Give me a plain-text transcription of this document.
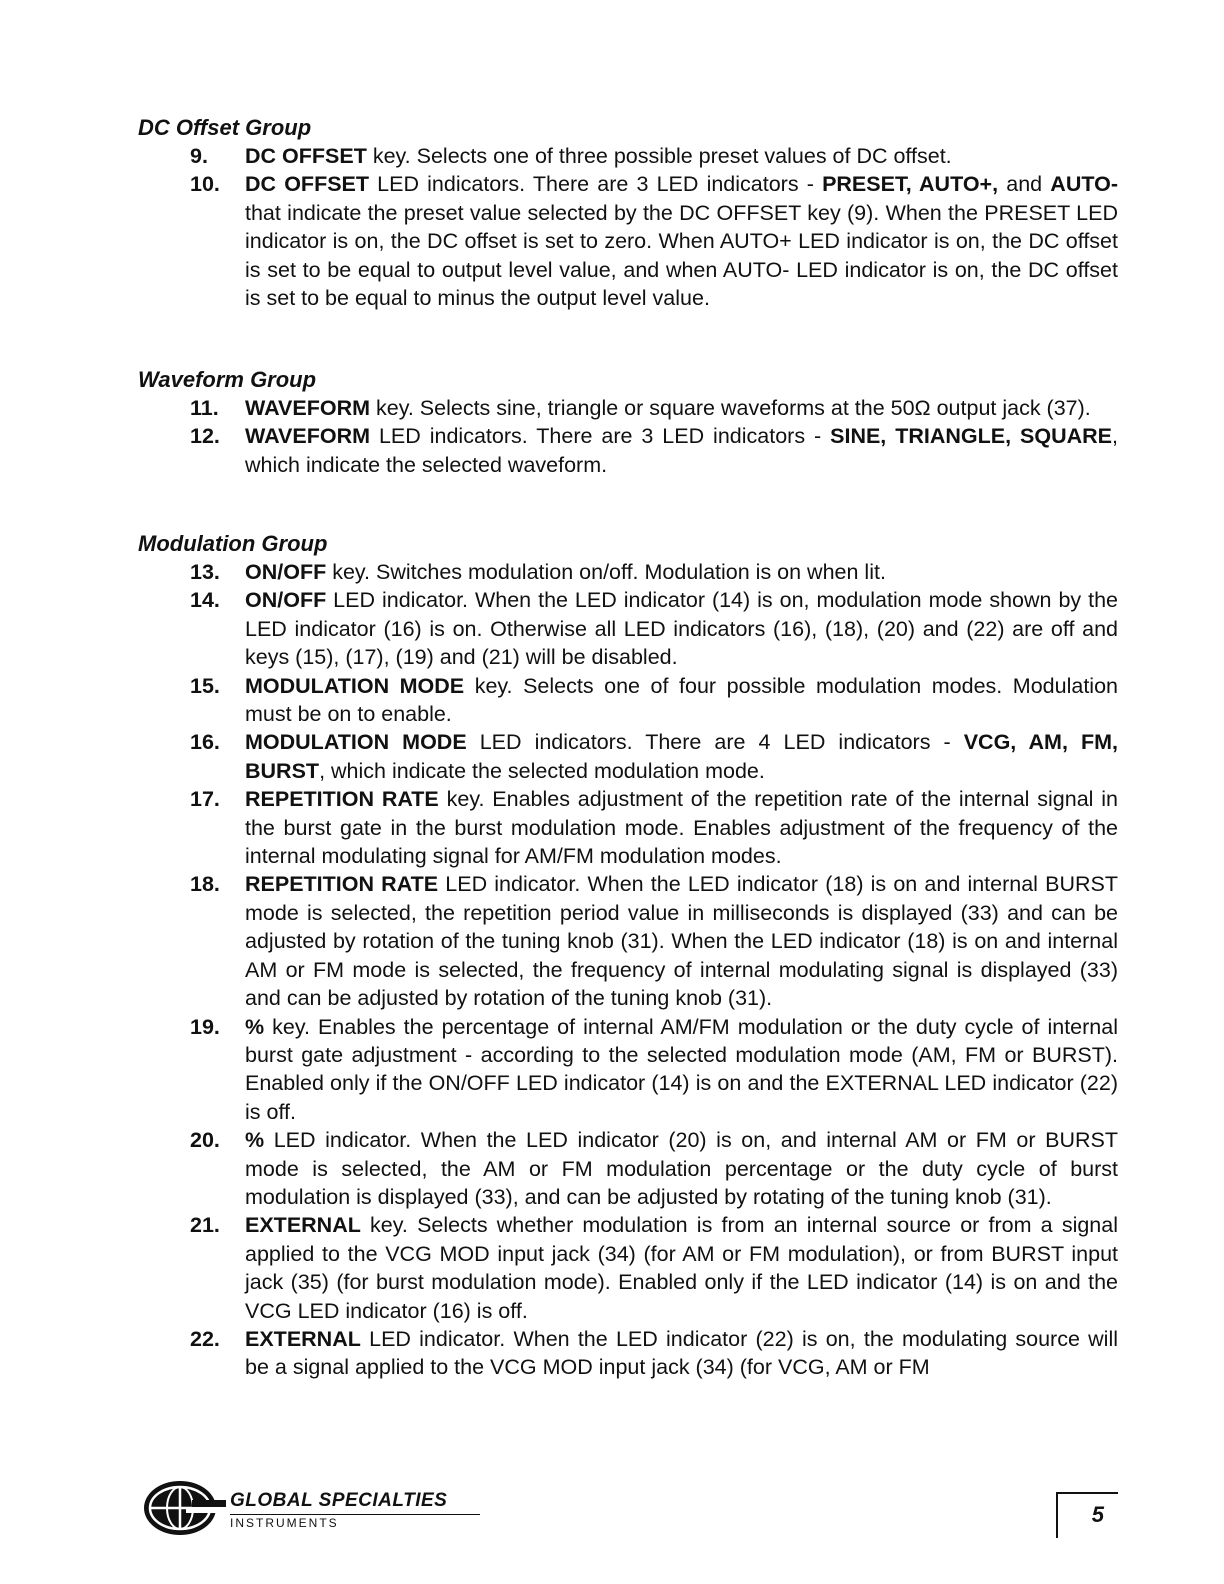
DC Offset Group
9. DC OFFSET key. Selects one of three possible preset values of DC offset.
10. DC OFFSET LED indicators. There are 3 LED indicators - PRESET, AUTO+, and AUTO- that indicate the preset value selected by the DC OFFSET key (9). When the PRESET LED indicator is on, the DC offset is set to zero. When AUTO+ LED indicator is on, the DC offset is set to be equal to output level value, and when AUTO- LED indicator is on, the DC offset is set to be equal to minus the output level value.
Waveform Group
11. WAVEFORM key. Selects sine, triangle or square waveforms at the 50Ω output jack (37).
12. WAVEFORM LED indicators. There are 3 LED indicators - SINE, TRIANGLE, SQUARE, which indicate the selected waveform.
Modulation Group
13. ON/OFF key. Switches modulation on/off. Modulation is on when lit.
14. ON/OFF LED indicator. When the LED indicator (14) is on, modulation mode shown by the LED indicator (16) is on. Otherwise all LED indicators (16), (18), (20) and (22) are off and keys (15), (17), (19) and (21) will be disabled.
15. MODULATION MODE key. Selects one of four possible modulation modes. Modulation must be on to enable.
16. MODULATION MODE LED indicators. There are 4 LED indicators - VCG, AM, FM, BURST, which indicate the selected modulation mode.
17. REPETITION RATE key. Enables adjustment of the repetition rate of the internal signal in the burst gate in the burst modulation mode. Enables adjustment of the frequency of the internal modulating signal for AM/FM modulation modes.
18. REPETITION RATE LED indicator. When the LED indicator (18) is on and internal BURST mode is selected, the repetition period value in milliseconds is displayed (33) and can be adjusted by rotation of the tuning knob (31). When the LED indicator (18) is on and internal AM or FM mode is selected, the frequency of internal modulating signal is displayed (33) and can be adjusted by rotation of the tuning knob (31).
19. % key. Enables the percentage of internal AM/FM modulation or the duty cycle of internal burst gate adjustment - according to the selected modulation mode (AM, FM or BURST). Enabled only if the ON/OFF LED indicator (14) is on and the EXTERNAL LED indicator (22) is off.
20. % LED indicator. When the LED indicator (20) is on, and internal AM or FM or BURST mode is selected, the AM or FM modulation percentage or the duty cycle of burst modulation is displayed (33), and can be adjusted by rotating of the tuning knob (31).
21. EXTERNAL key. Selects whether modulation is from an internal source or from a signal applied to the VCG MOD input jack (34) (for AM or FM modulation), or from BURST input jack (35) (for burst modulation mode). Enabled only if the LED indicator (14) is on and the VCG LED indicator (16) is off.
22. EXTERNAL LED indicator. When the LED indicator (22) is on, the modulating source will be a signal applied to the VCG MOD input jack (34) (for VCG, AM or FM
GLOBAL SPECIALTIES
INSTRUMENTS	5
